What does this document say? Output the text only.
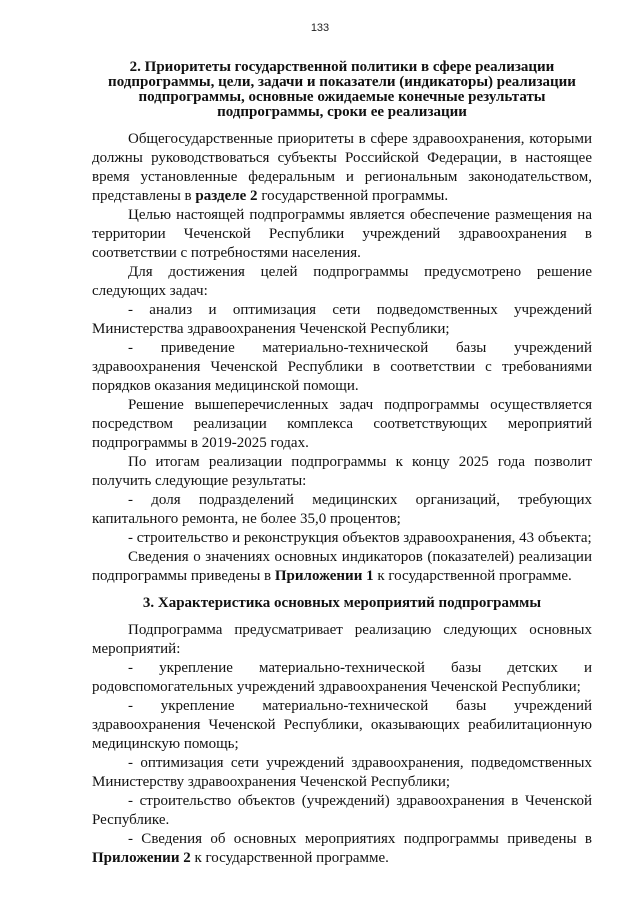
133
2. Приоритеты государственной политики в сфере реализации
подпрограммы, цели, задачи и показатели (индикаторы) реализации
подпрограммы, основные ожидаемые конечные результаты
подпрограммы, сроки ее реализации

Общегосударственные приоритеты в сфере здравоохранения, которыми должны руководствоваться субъекты Российской Федерации, в настоящее время установленные федеральным и региональным законодательством, представлены в разделе 2 государственной программы.

Целью настоящей подпрограммы является обеспечение размещения на территории Чеченской Республики учреждений здравоохранения в соответствии с потребностями населения.

Для достижения целей подпрограммы предусмотрено решение следующих задач:

- анализ и оптимизация сети подведомственных учреждений Министерства здравоохранения Чеченской Республики;

- приведение материально-технической базы учреждений здравоохранения Чеченской Республики в соответствии с требованиями порядков оказания медицинской помощи.

Решение вышеперечисленных задач подпрограммы осуществляется посредством реализации комплекса соответствующих мероприятий подпрограммы в 2019-2025 годах.

По итогам реализации подпрограммы к концу 2025 года позволит получить следующие результаты:

- доля подразделений медицинских организаций, требующих капитального ремонта, не более 35,0 процентов;

- строительство и реконструкция объектов здравоохранения, 43 объекта;

Сведения о значениях основных индикаторов (показателей) реализации подпрограммы приведены в Приложении 1 к государственной программе.

3. Характеристика основных мероприятий подпрограммы

Подпрограмма предусматривает реализацию следующих основных мероприятий:

- укрепление материально-технической базы детских и родовспомогательных учреждений здравоохранения Чеченской Республики;

- укрепление материально-технической базы учреждений здравоохранения Чеченской Республики, оказывающих реабилитационную медицинскую помощь;

- оптимизация сети учреждений здравоохранения, подведомственных Министерству здравоохранения Чеченской Республики;

- строительство объектов (учреждений) здравоохранения в Чеченской Республике.

- Сведения об основных мероприятиях подпрограммы приведены в Приложении 2 к государственной программе.
